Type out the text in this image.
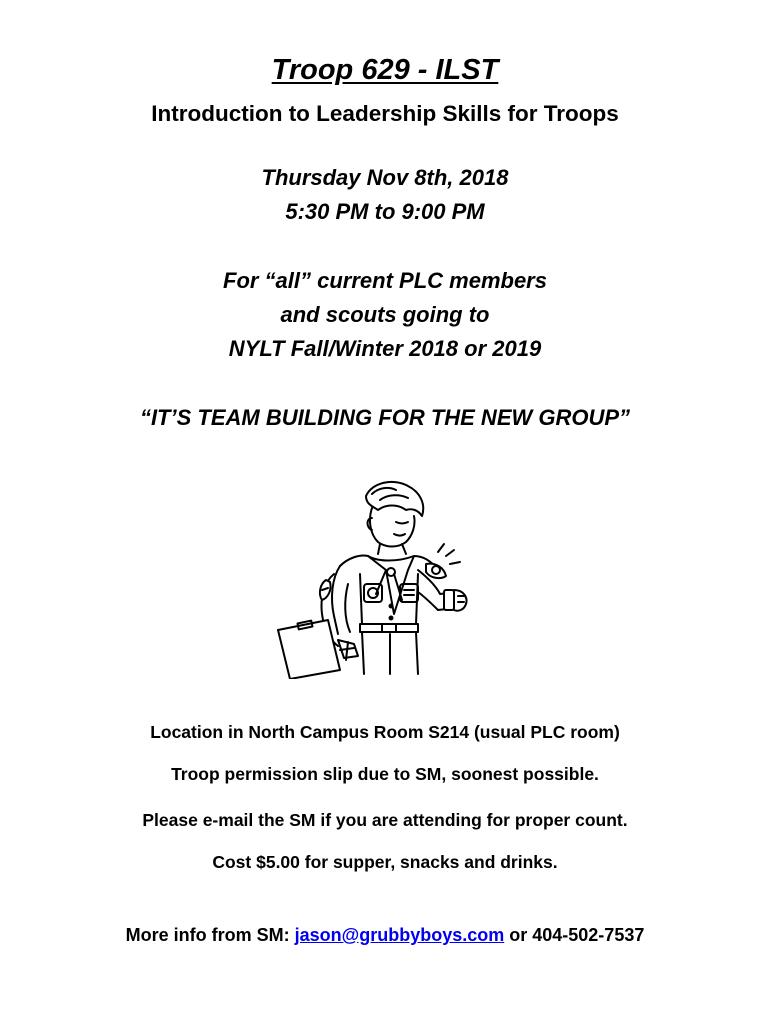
Troop 629 - ILST
Introduction to Leadership Skills for Troops
Thursday Nov 8th, 2018
5:30 PM to 9:00 PM
For “all” current PLC members
and scouts going to
NYLT Fall/Winter 2018 or 2019
“IT’S TEAM BUILDING FOR THE NEW GROUP”
Location in North Campus Room S214 (usual PLC room)
Troop permission slip due to SM, soonest possible.
Please e-mail the SM if you are attending for proper count.
Cost $5.00 for supper, snacks and drinks.
More info from SM: jason@grubbyboys.com or 404-502-7537
